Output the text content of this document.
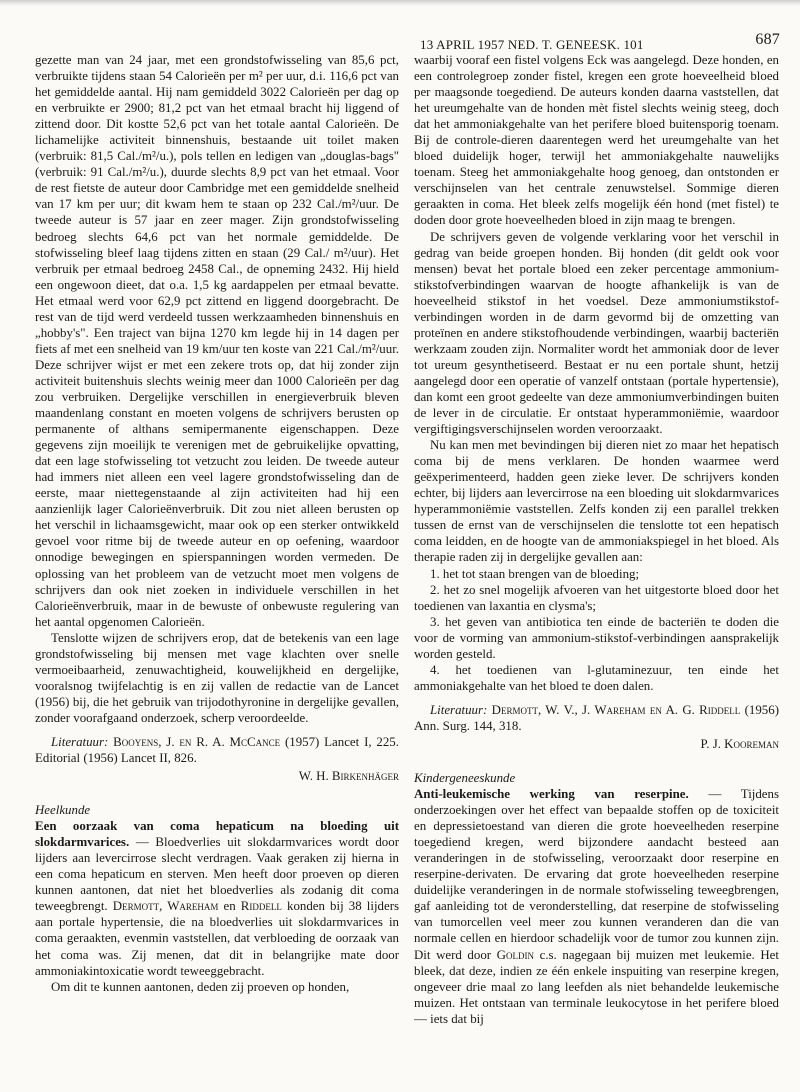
13 APRIL 1957 NED. T. GENEESK. 101	687

gezette man van 24 jaar, met een grondstofwisseling van 85,6 pct, verbruikte tijdens staan 54 Calorieën per m² per uur, d.i. 116,6 pct van het gemiddelde aantal. Hij nam gemiddeld 3022 Calorieën per dag op en verbruikte er 2900; 81,2 pct van het etmaal bracht hij liggend of zittend door. Dit kostte 52,6 pct van het totale aantal Calorieën. De lichamelijke activiteit binnenshuis, bestaande uit toilet maken (verbruik: 81,5 Cal./m²/u.), pols tellen en ledigen van „douglas-bags" (verbruik: 91 Cal./m²/u.), duurde slechts 8,9 pct van het etmaal. Voor de rest fietste de auteur door Cambridge met een gemiddelde snelheid van 17 km per uur; dit kwam hem te staan op 232 Cal./m²/uur. De tweede auteur is 57 jaar en zeer mager. Zijn grondstofwisseling bedroeg slechts 64,6 pct van het normale gemiddelde. De stofwisseling bleef laag tijdens zitten en staan (29 Cal./ m²/uur). Het verbruik per etmaal bedroeg 2458 Cal., de opneming 2432. Hij hield een ongewoon dieet, dat o.a. 1,5 kg aardappelen per etmaal bevatte. Het etmaal werd voor 62,9 pct zittend en liggend doorgebracht. De rest van de tijd werd verdeeld tussen werkzaamheden binnenshuis en „hobby's". Een traject van bijna 1270 km legde hij in 14 dagen per fiets af met een snelheid van 19 km/uur ten koste van 221 Cal./m²/uur. Deze schrijver wijst er met een zekere trots op, dat hij zonder zijn activiteit buitenshuis slechts weinig meer dan 1000 Calorieën per dag zou verbruiken. Dergelijke verschillen in energieverbruik bleven maandenlang constant en moeten volgens de schrijvers berusten op permanente of althans semipermanente eigenschappen. Deze gegevens zijn moeilijk te verenigen met de gebruikelijke opvatting, dat een lage stofwisseling tot vetzucht zou leiden. De tweede auteur had immers niet alleen een veel lagere grondstofwisseling dan de eerste, maar niettegenstaande al zijn activiteiten had hij een aanzienlijk lager Calorieënverbruik. Dit zou niet alleen berusten op het verschil in lichaamsgewicht, maar ook op een sterker ontwikkeld gevoel voor ritme bij de tweede auteur en op oefening, waardoor onnodige bewegingen en spierspanningen worden vermeden. De oplossing van het probleem van de vetzucht moet men volgens de schrijvers dan ook niet zoeken in individuele verschillen in het Calorieënverbruik, maar in de bewuste of onbewuste regulering van het aantal opgenomen Calorieën.

Tenslotte wijzen de schrijvers erop, dat de betekenis van een lage grondstofwisseling bij mensen met vage klachten over snelle vermoeibaarheid, zenuwachtigheid, kouwelijkheid en dergelijke, vooralsnog twijfelachtig is en zij vallen de redactie van de Lancet (1956) bij, die het gebruik van trijodothyronine in dergelijke gevallen, zonder voorafgaand onderzoek, scherp veroordeelde.

Literatuur: Booyens, J. en R. A. McCance (1957) Lancet I, 225. Editorial (1956) Lancet II, 826.

W. H. Birkenhäger

Heelkunde

Een oorzaak van coma hepaticum na bloeding uit slokdarmvarices. — Bloedverlies uit slokdarmvarices wordt door lijders aan levercirrose slecht verdragen. Vaak geraken zij hierna in een coma hepaticum en sterven. Men heeft door proeven op dieren kunnen aantonen, dat niet het bloedverlies als zodanig dit coma teweegbrengt. Dermott, Wareham en Riddell konden bij 38 lijders aan portale hypertensie, die na bloedverlies uit slokdarmvarices in coma geraakten, evenmin vaststellen, dat verbloeding de oorzaak van het coma was. Zij menen, dat dit in belangrijke mate door ammoniakintoxicatie wordt teweeggebracht.

Om dit te kunnen aantonen, deden zij proeven op honden,

waarbij vooraf een fistel volgens Eck was aangelegd. Deze honden, en een controlegroep zonder fistel, kregen een grote hoeveelheid bloed per maagsonde toegediend. De auteurs konden daarna vaststellen, dat het ureumgehalte van de honden mèt fistel slechts weinig steeg, doch dat het ammoniakgehalte van het perifere bloed buitensporig toenam. Bij de controle-dieren daarentegen werd het ureumgehalte van het bloed duidelijk hoger, terwijl het ammoniakgehalte nauwelijks toenam. Steeg het ammoniakgehalte hoog genoeg, dan ontstonden er verschijnselen van het centrale zenuwstelsel. Sommige dieren geraakten in coma. Het bleek zelfs mogelijk één hond (met fistel) te doden door grote hoeveelheden bloed in zijn maag te brengen.

De schrijvers geven de volgende verklaring voor het verschil in gedrag van beide groepen honden. Bij honden (dit geldt ook voor mensen) bevat het portale bloed een zeker percentage ammonium-stikstofverbindingen waarvan de hoogte afhankelijk is van de hoeveelheid stikstof in het voedsel. Deze ammoniumstikstof-verbindingen worden in de darm gevormd bij de omzetting van proteïnen en andere stikstofhoudende verbindingen, waarbij bacteriën werkzaam zouden zijn. Normaliter wordt het ammoniak door de lever tot ureum gesynthetiseerd. Bestaat er nu een portale shunt, hetzij aangelegd door een operatie of vanzelf ontstaan (portale hypertensie), dan komt een groot gedeelte van deze ammoniumverbindingen buiten de lever in de circulatie. Er ontstaat hyperammoniëmie, waardoor vergiftigingsverschijnselen worden veroorzaakt.

Nu kan men met bevindingen bij dieren niet zo maar het hepatisch coma bij de mens verklaren. De honden waarmee werd geëxperimenteerd, hadden geen zieke lever. De schrijvers konden echter, bij lijders aan levercirrose na een bloeding uit slokdarmvarices hyperammoniëmie vaststellen. Zelfs konden zij een parallel trekken tussen de ernst van de verschijnselen die tenslotte tot een hepatisch coma leidden, en de hoogte van de ammoniakspiegel in het bloed. Als therapie raden zij in dergelijke gevallen aan:

1. het tot staan brengen van de bloeding;
2. het zo snel mogelijk afvoeren van het uitgestorte bloed door het toedienen van laxantia en clysma's;
3. het geven van antibiotica ten einde de bacteriën te doden die voor de vorming van ammonium-stikstof-verbindingen aansprakelijk worden gesteld.
4. het toedienen van l-glutaminezuur, ten einde het ammoniakgehalte van het bloed te doen dalen.

Literatuur: Dermott, W. V., J. Wareham en A. G. Riddell (1956) Ann. Surg. 144, 318.

P. J. Kooreman

Kindergeneeskunde

Anti-leukemische werking van reserpine. — Tijdens onderzoekingen over het effect van bepaalde stoffen op de toxiciteit en depressietoestand van dieren die grote hoeveelheden reserpine toegediend kregen, werd bijzondere aandacht besteed aan veranderingen in de stofwisseling, veroorzaakt door reserpine en reserpine-derivaten. De ervaring dat grote hoeveelheden reserpine duidelijke veranderingen in de normale stofwisseling teweegbrengen, gaf aanleiding tot de veronderstelling, dat reserpine de stofwisseling van tumorcellen veel meer zou kunnen veranderen dan die van normale cellen en hierdoor schadelijk voor de tumor zou kunnen zijn. Dit werd door Goldin c.s. nagegaan bij muizen met leukemie. Het bleek, dat deze, indien ze één enkele inspuiting van reserpine kregen, ongeveer drie maal zo lang leefden als niet behandelde leukemische muizen. Het ontstaan van terminale leukocytose in het perifere bloed — iets dat bij
